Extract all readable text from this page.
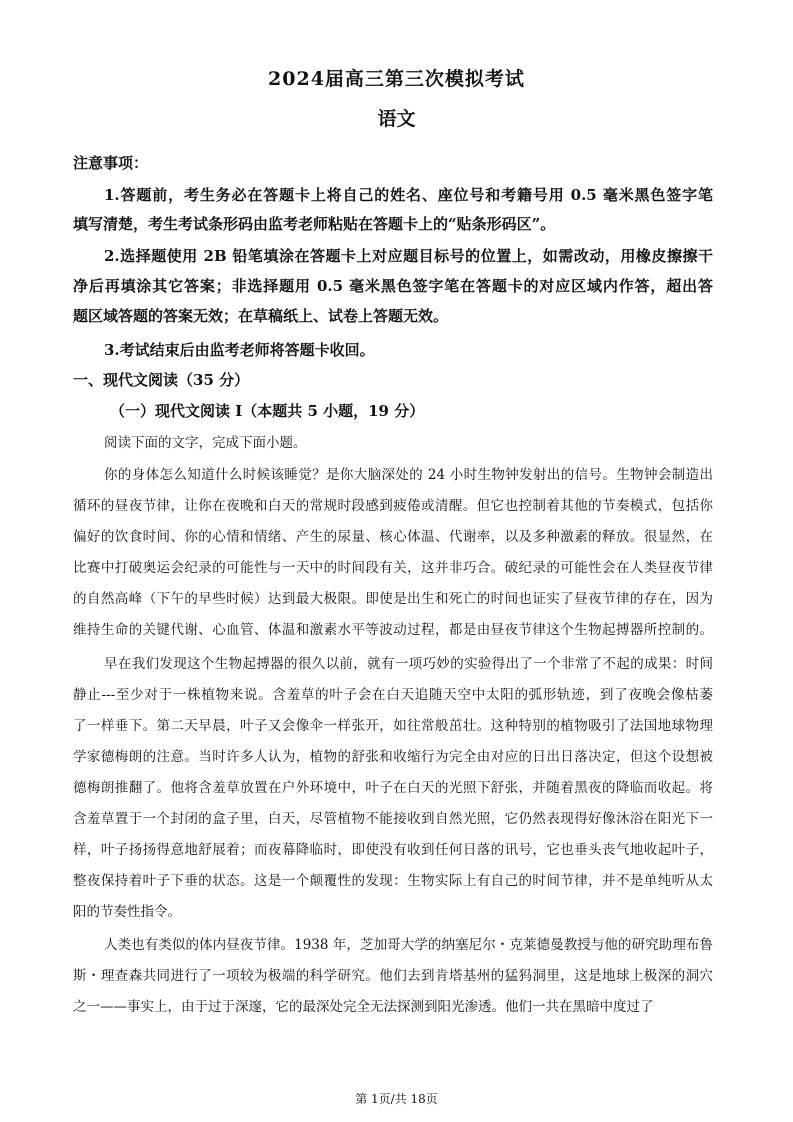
2024届高三第三次模拟考试
语文
注意事项：
1.答题前，考生务必在答题卡上将自己的姓名、座位号和考籍号用 0.5 毫米黑色签字笔
填写清楚，考生考试条形码由监考老师粘贴在答题卡上的“贴条形码区”。
2.选择题使用 2B 铅笔填涂在答题卡上对应题目标号的位置上，如需改动，用橡皮擦擦干
净后再填涂其它答案；非选择题用 0.5 毫米黑色签字笔在答题卡的对应区域内作答，超出答
题区域答题的答案无效；在草稿纸上、试卷上答题无效。
3.考试结束后由监考老师将答题卡收回。
一、现代文阅读（35 分）
（一）现代文阅读 I（本题共 5 小题，19 分）
阅读下面的文字，完成下面小题。
你的身体怎么知道什么时候该睡觉？是你大脑深处的 24 小时生物钟发射出的信号。生物钟会制造出
循环的昼夜节律，让你在夜晚和白天的常规时段感到疲倦或清醒。但它也控制着其他的节奏模式，包括你
偏好的饮食时间、你的心情和情绪、产生的尿量、核心体温、代谢率，以及多种激素的释放。很显然，在
比赛中打破奥运会纪录的可能性与一天中的时间段有关，这并非巧合。破纪录的可能性会在人类昼夜节律
的自然高峰（下午的早些时候）达到最大极限。即使是出生和死亡的时间也证实了昼夜节律的存在，因为
维持生命的关键代谢、心血管、体温和激素水平等波动过程，都是由昼夜节律这个生物起搏器所控制的。
早在我们发现这个生物起搏器的很久以前，就有一项巧妙的实验得出了一个非常了不起的成果：时间
静止---至少对于一株植物来说。含羞草的叶子会在白天追随天空中太阳的弧形轨迹，到了夜晚会像枯萎
了一样垂下。第二天早晨，叶子又会像伞一样张开，如往常般茁壮。这种特别的植物吸引了法国地球物理
学家德梅朗的注意。当时许多人认为，植物的舒张和收缩行为完全由对应的日出日落决定，但这个设想被
德梅朗推翻了。他将含羞草放置在户外环境中，叶子在白天的光照下舒张，并随着黑夜的降临而收起。将
含羞草置于一个封闭的盒子里，白天，尽管植物不能接收到自然光照，它仍然表现得好像沐浴在阳光下一
样，叶子扬扬得意地舒展着；而夜幕降临时，即使没有收到任何日落的讯号，它也垂头丧气地收起叶子，
整夜保持着叶子下垂的状态。这是一个颠覆性的发现：生物实际上有自己的时间节律，并不是单纯听从太
阳的节奏性指令。
人类也有类似的体内昼夜节律。1938 年，芝加哥大学的纳塞尼尔・克莱德曼教授与他的研究助理布鲁
斯・理查森共同进行了一项较为极端的科学研究。他们去到肯塔基州的猛犸洞里，这是地球上极深的洞穴
之一——事实上，由于过于深邃，它的最深处完全无法探测到阳光渗透。他们一共在黑暗中度过了
第 1页/共 18页
